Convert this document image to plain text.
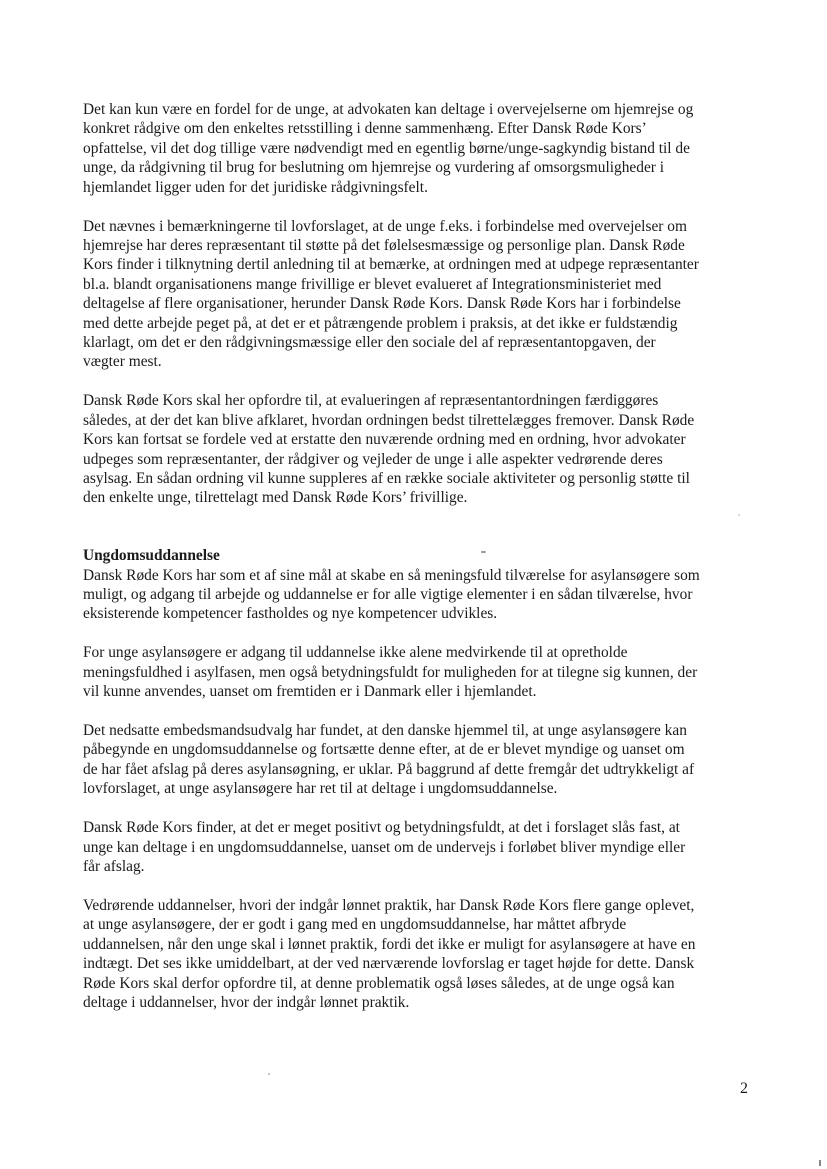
Det kan kun være en fordel for de unge, at advokaten kan deltage i overvejelserne om hjemrejse og
konkret rådgive om den enkeltes retsstilling i denne sammenhæng. Efter Dansk Røde Kors’
opfattelse, vil det dog tillige være nødvendigt med en egentlig børne/unge-sagkyndig bistand til de
unge, da rådgivning til brug for beslutning om hjemrejse og vurdering af omsorgsmuligheder i
hjemlandet ligger uden for det juridiske rådgivningsfelt.

Det nævnes i bemærkningerne til lovforslaget, at de unge f.eks. i forbindelse med overvejelser om
hjemrejse har deres repræsentant til støtte på det følelsesmæssige og personlige plan. Dansk Røde
Kors finder i tilknytning dertil anledning til at bemærke, at ordningen med at udpege repræsentanter
bl.a. blandt organisationens mange frivillige er blevet evalueret af Integrationsministeriet med
deltagelse af flere organisationer, herunder Dansk Røde Kors. Dansk Røde Kors har i forbindelse
med dette arbejde peget på, at det er et påtrængende problem i praksis, at det ikke er fuldstændig
klarlagt, om det er den rådgivningsmæssige eller den sociale del af repræsentantopgaven, der
vægter mest.

Dansk Røde Kors skal her opfordre til, at evalueringen af repræsentantordningen færdiggøres
således, at der det kan blive afklaret, hvordan ordningen bedst tilrettelægges fremover. Dansk Røde
Kors kan fortsat se fordele ved at erstatte den nuværende ordning med en ordning, hvor advokater
udpeges som repræsentanter, der rådgiver og vejleder de unge i alle aspekter vedrørende deres
asylsag. En sådan ordning vil kunne suppleres af en række sociale aktiviteter og personlig støtte til
den enkelte unge, tilrettelagt med Dansk Røde Kors’ frivillige.

Ungdomsuddannelse
Dansk Røde Kors har som et af sine mål at skabe en så meningsfuld tilværelse for asylansøgere som
muligt, og adgang til arbejde og uddannelse er for alle vigtige elementer i en sådan tilværelse, hvor
eksisterende kompetencer fastholdes og nye kompetencer udvikles.

For unge asylansøgere er adgang til uddannelse ikke alene medvirkende til at opretholde
meningsfuldhed i asylfasen, men også betydningsfuldt for muligheden for at tilegne sig kunnen, der
vil kunne anvendes, uanset om fremtiden er i Danmark eller i hjemlandet.

Det nedsatte embedsmandsudvalg har fundet, at den danske hjemmel til, at unge asylansøgere kan
påbegynde en ungdomsuddannelse og fortsætte denne efter, at de er blevet myndige og uanset om
de har fået afslag på deres asylansøgning, er uklar. På baggrund af dette fremgår det udtrykkeligt af
lovforslaget, at unge asylansøgere har ret til at deltage i ungdomsuddannelse.

Dansk Røde Kors finder, at det er meget positivt og betydningsfuldt, at det i forslaget slås fast, at
unge kan deltage i en ungdomsuddannelse, uanset om de undervejs i forløbet bliver myndige eller
får afslag.

Vedrørende uddannelser, hvori der indgår lønnet praktik, har Dansk Røde Kors flere gange oplevet,
at unge asylansøgere, der er godt i gang med en ungdomsuddannelse, har måttet afbryde
uddannelsen, når den unge skal i lønnet praktik, fordi det ikke er muligt for asylansøgere at have en
indtægt. Det ses ikke umiddelbart, at der ved nærværende lovforslag er taget højde for dette. Dansk
Røde Kors skal derfor opfordre til, at denne problematik også løses således, at de unge også kan
deltage i uddannelser, hvor der indgår lønnet praktik.

2
